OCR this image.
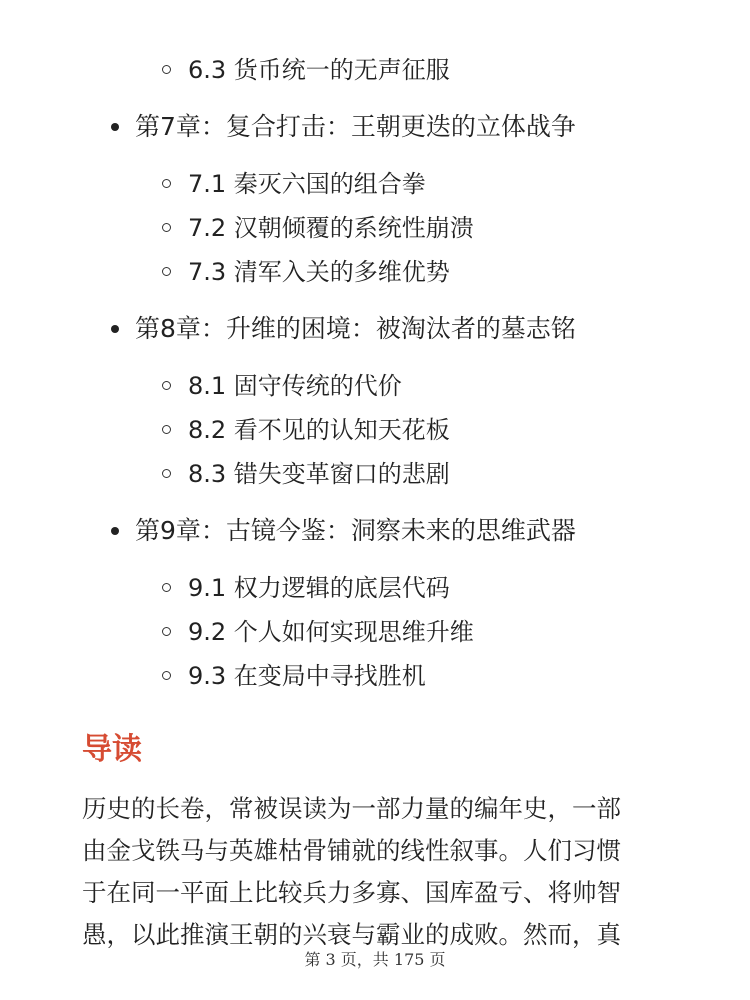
6.3 货币统一的无声征服
第7章：复合打击：王朝更迭的立体战争
7.1 秦灭六国的组合拳
7.2 汉朝倾覆的系统性崩溃
7.3 清军入关的多维优势
第8章：升维的困境：被淘汰者的墓志铭
8.1 固守传统的代价
8.2 看不见的认知天花板
8.3 错失变革窗口的悲剧
第9章：古镜今鉴：洞察未来的思维武器
9.1 权力逻辑的底层代码
9.2 个人如何实现思维升维
9.3 在变局中寻找胜机
导读
历史的长卷，常被误读为一部力量的编年史，一部
由金戈铁马与英雄枯骨铺就的线性叙事。人们习惯
于在同一平面上比较兵力多寡、国库盈亏、将帅智
愚，以此推演王朝的兴衰与霸业的成败。然而，真
第 3 页，共 175 页
